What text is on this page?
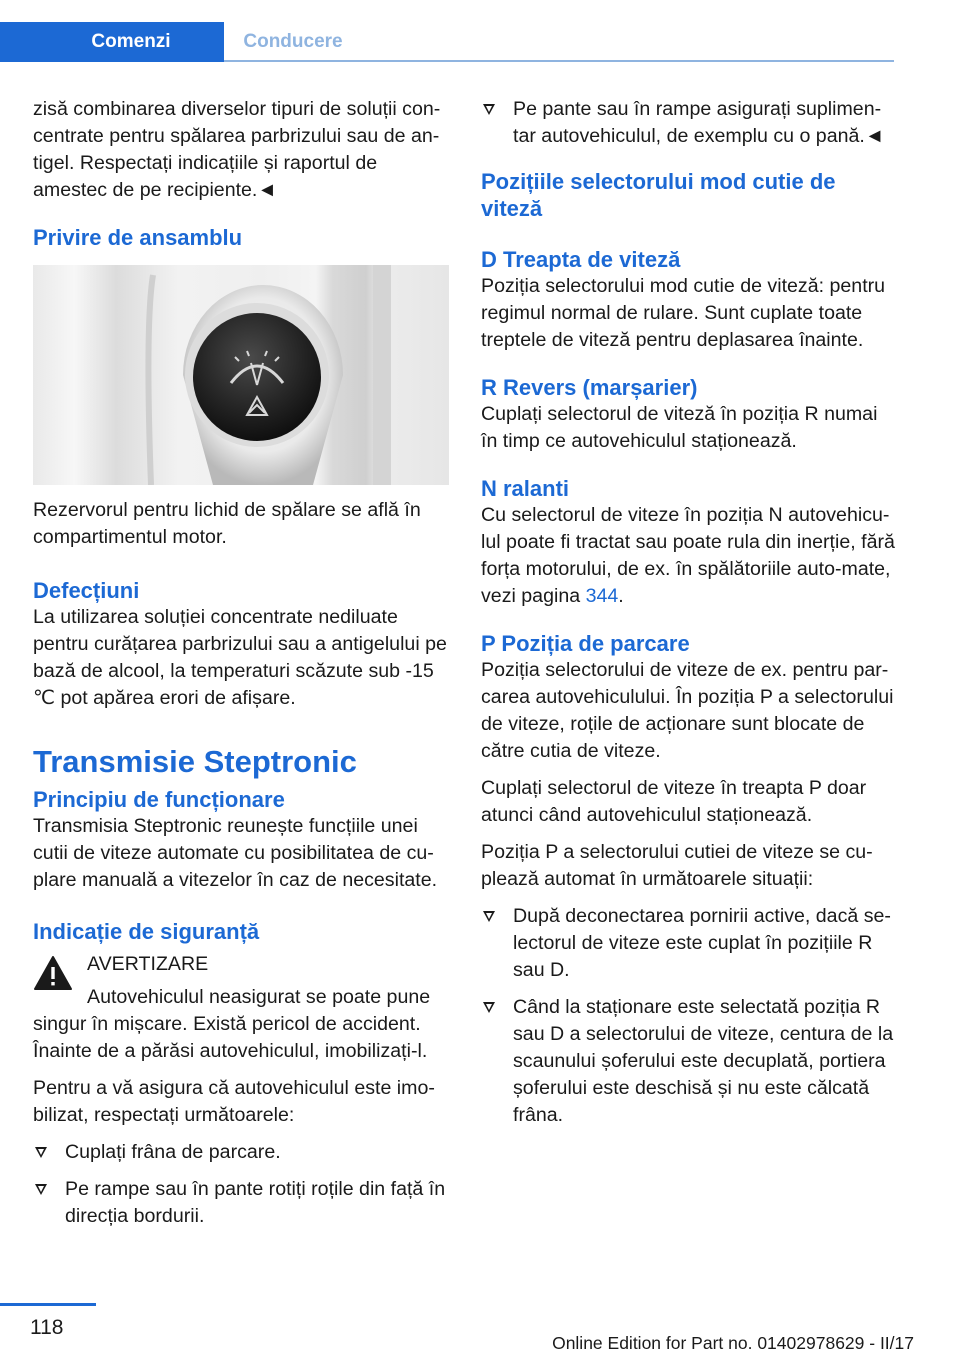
Comenzi	Conducere

zisă combinarea diverselor tipuri de soluții con-centrate pentru spălarea parbrizului sau de an-tigel. Respectați indicațiile și raportul de amestec de pe recipiente.◄

Privire de ansamblu

Rezervorul pentru lichid de spălare se află în compartimentul motor.

Defecțiuni

La utilizarea soluției concentrate nediluate pentru curățarea parbrizului sau a antigelului pe bază de alcool, la temperaturi scăzute sub ‑15 ℃ pot apărea erori de afișare.

Transmisie Steptronic
Principiu de funcționare

Transmisia Steptronic reunește funcțiile unei cutii de viteze automate cu posibilitatea de cu-plare manuală a vitezelor în caz de necesitate.

Indicație de siguranță

AVERTIZARE

Autovehiculul neasigurat se poate pune singur în mișcare. Există pericol de accident. Înainte de a părăsi autovehiculul, imobilizați-l.

Pentru a vă asigura că autovehiculul este imo-bilizat, respectați următoarele:

Cuplați frâna de parcare.
Pe rampe sau în pante rotiți roțile din față în direcția bordurii.
Pe pante sau în rampe asigurați suplimen-tar autovehiculul, de exemplu cu o pană.◄
Pozițiile selectorului mod cutie de viteză
D Treapta de viteză

Poziția selectorului mod cutie de viteză: pentru regimul normal de rulare. Sunt cuplate toate treptele de viteză pentru deplasarea înainte.

R Revers (marșarier)

Cuplați selectorul de viteză în poziția R numai în timp ce autovehiculul staționează.

N ralanti

Cu selectorul de viteze în poziția N autovehicu-lul poate fi tractat sau poate rula din inerție, fără forța motorului, de ex. în spălătoriile auto-mate, vezi pagina 344.

P Poziția de parcare

Poziția selectorului de viteze de ex. pentru par-carea autovehiculului. În poziția P a selectorului de viteze, roțile de acționare sunt blocate de către cutia de viteze.

Cuplați selectorul de viteze în treapta P doar atunci când autovehiculul staționează.

Poziția P a selectorului cutiei de viteze se cu-plează automat în următoarele situații:

După deconectarea pornirii active, dacă se-lectorul de viteze este cuplat în pozițiile R sau D.
Când la staționare este selectată poziția R sau D a selectorului de viteze, centura de la scaunului șoferului este decuplată, portiera șoferului este deschisă și nu este călcată frâna.
118
Online Edition for Part no. 01402978629 - II/17
